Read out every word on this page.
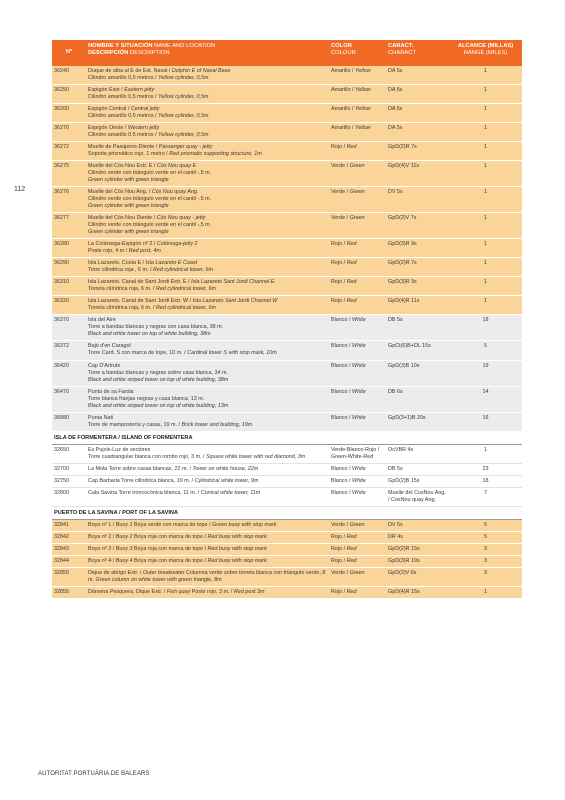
112
Nº	NOMBRE Y SITUACIÓN NAME AND LOCATION
DESCRIPCIÓN DESCRIPTION	COLOR
COLOUR	CARACT.
CHARACT.	ALCANCE (MILLAS)
RANGE (MILES)

36240	Duque de alba al E de Est. Naval / Dolphin E of Naval Base
Cilindro amarillo 0,5 metros / Yellow cylinder, 0,5m	Amarillo / Yellow	DA 5s	1
36250	Espigón Este / Eastern jetty
Cilindro amarillo 0,5 metros / Yellow cylinder, 0,5m	Amarillo / Yellow	DA 5s	1
36260	Espigón Central / Central jetty
Cilindro amarillo 0,5 metros / Yellow cylinder, 0,5m	Amarillo / Yellow	DA 5s	1
36270	Espigón Oeste / Western jetty
Cilindro amarillo 0,5 metros / Yellow cylinder, 0,5m	Amarillo / Yellow	DA 5s	1
36272	Muelle de Pasajeros-Diente / Passenger quay - jetty
Soporte prismático rojo. 1 metro / Red prismatic supporting structure, 1m	Rojo / Red	GpD(2)R 7s	1
36275	Muelle del Cós Nou Extr. E / Cós Nou quay E
Cilindro verde con triángulo verde en el cantil -,5 m.
Green cylinder with green triangle	Verde / Green	GpD(4)V 11s	1
36276	Muelle del Cós Nou Ang. / Cós Nou quay Ang.
Cilindro verde con triángulo verde en el cantil -,5 m.
Green cylinder with green triangle	Verde / Green	DV 5s	1
36277	Muelle del Cós Nou Diente / Cós Nou quay - jetty
Cilindro verde con triángulo verde en el cantil -,5 m.
Green cylinder with green triangle	Verde / Green	GpD(2)V 7s	1
36280	La Colársega-Espigón nº 2 / Colársega-jetty 2
Poste rojo, 4 m / Red post, 4m	Rojo / Red	GpD(3)R 9s	1
36290	Isla Lazareto. Costa E / Isla Lazareto E Coast
Torre cilíndrica roja , 6 m. / Red cylindrical tower, 6m	Rojo / Red	GpD(2)R 7s	1
36310	Isla Lazareto. Canal de Sant Jordi Extr. E / Isla Lazareto Sant Jordi Channel E.
Torreta cilíndrica roja, 6 m. / Red cylindrical tower, 6m	Rojo / Red	GpD(3)R 9s	1
36320	Isla Lazareto. Canal de Sant Jordi Extr. W / Isla Lazareto Sant Jordi Channel W
Torreta cilíndrica roja, 6 m. / Red cylindrical tower, 6m	Rojo / Red	GpD(4)R 11s	1
36370	Isla del Aire
Torre a bandas blancas y negras con casa blanca, 38 m.
Black and white tower on top of white building, 38m	Blanco / White	DB 5s	18
36372	Bajó d'en Caragol
Torre Card. S con marca de tope, 10 m. / Cardinal tower S with stop mark, 10m	Blanco / White	GpCt(6)B+DL 15s	5
36420	Cap D'Artrutx
Torre a bandas blancas y negras sobre casa blanca, 34 m.
Black and white striped tower on top of white building, 38m	Blanco / White	GpD(3)B 10s	19
36470	Punta de sa Farola
Torre blanca franjas negras y casa blanca, 13 m.
Black and white striped tower on top of white building, 13m	Blanco / White	DB 6s	14
36880	Punta Nati
Torre de mampostería y casas, 19 m. / Brick tower and building, 19m	Blanco / White	GpD(3+1)B 20s	16
ISLA DE FORMENTERA / ISLAND OF FORMENTERA				
32650	Es Pujols-Luz de sectores
Torre cuadrangular blanca con rombo rojo, 3 m. / Square white tower with red diamond, 3m	Verde-Blanco-Rojo / Green-White-Red	OcVBR 4s	1
32700	La Mola Torre sobre casas blancas, 22 m. / Tower on white house, 22m	Blanco / White	DB 5s	23
32750	Cap Barbaria Torre cilíndrica blanca, 19 m. / Cylindrical white tower, 9m	Blanco / White	GpD(2)B 15s	18
32800	Cala Savina Torre troncocónica blanca, 11 m. / Conical white tower, 11m	Blanco / White	Muelle del CosNou Ang. / CosNou quay Ang.	7
PUERTO DE LA SAVINA / PORT OF LA SAVINA				
32841	Boya nº 1 / Buoy 1 Boya verde con marca de tope / Green buoy with stop mark	Verde / Green	DV 5s	5
32842	Boya nº 2 / Buoy 2 Boya roja con marca de tope / Red buoy with stop mark	Rojo / Red	DR 4s	5
32843	Boya nº 3 / Buoy 3 Boya roja con marca de tope / Red buoy with stop mark	Rojo / Red	GpD(2)R 15s	3
32844	Boya nº 4 / Buoy 4 Boya roja con marca de tope / Red buoy with stop mark	Rojo / Red	GpD(3)R 19s	3
32850	Dique de abrigo Extr. / Outer breakwater Columna verde sobre torreta blanca con triángulo verde, 8 m. Green column on white tower with green triangle, 8m	Verde / Green	GpD(2)V 6s	3
32855	Dársena Pesquera. Dique Extr. / Fish quay Poste rojo, 3 m. / Red post 3m	Rojo / Red	GpD(4)R 15s	1
AUTORITAT PORTUÀRIA DE BALEARS
